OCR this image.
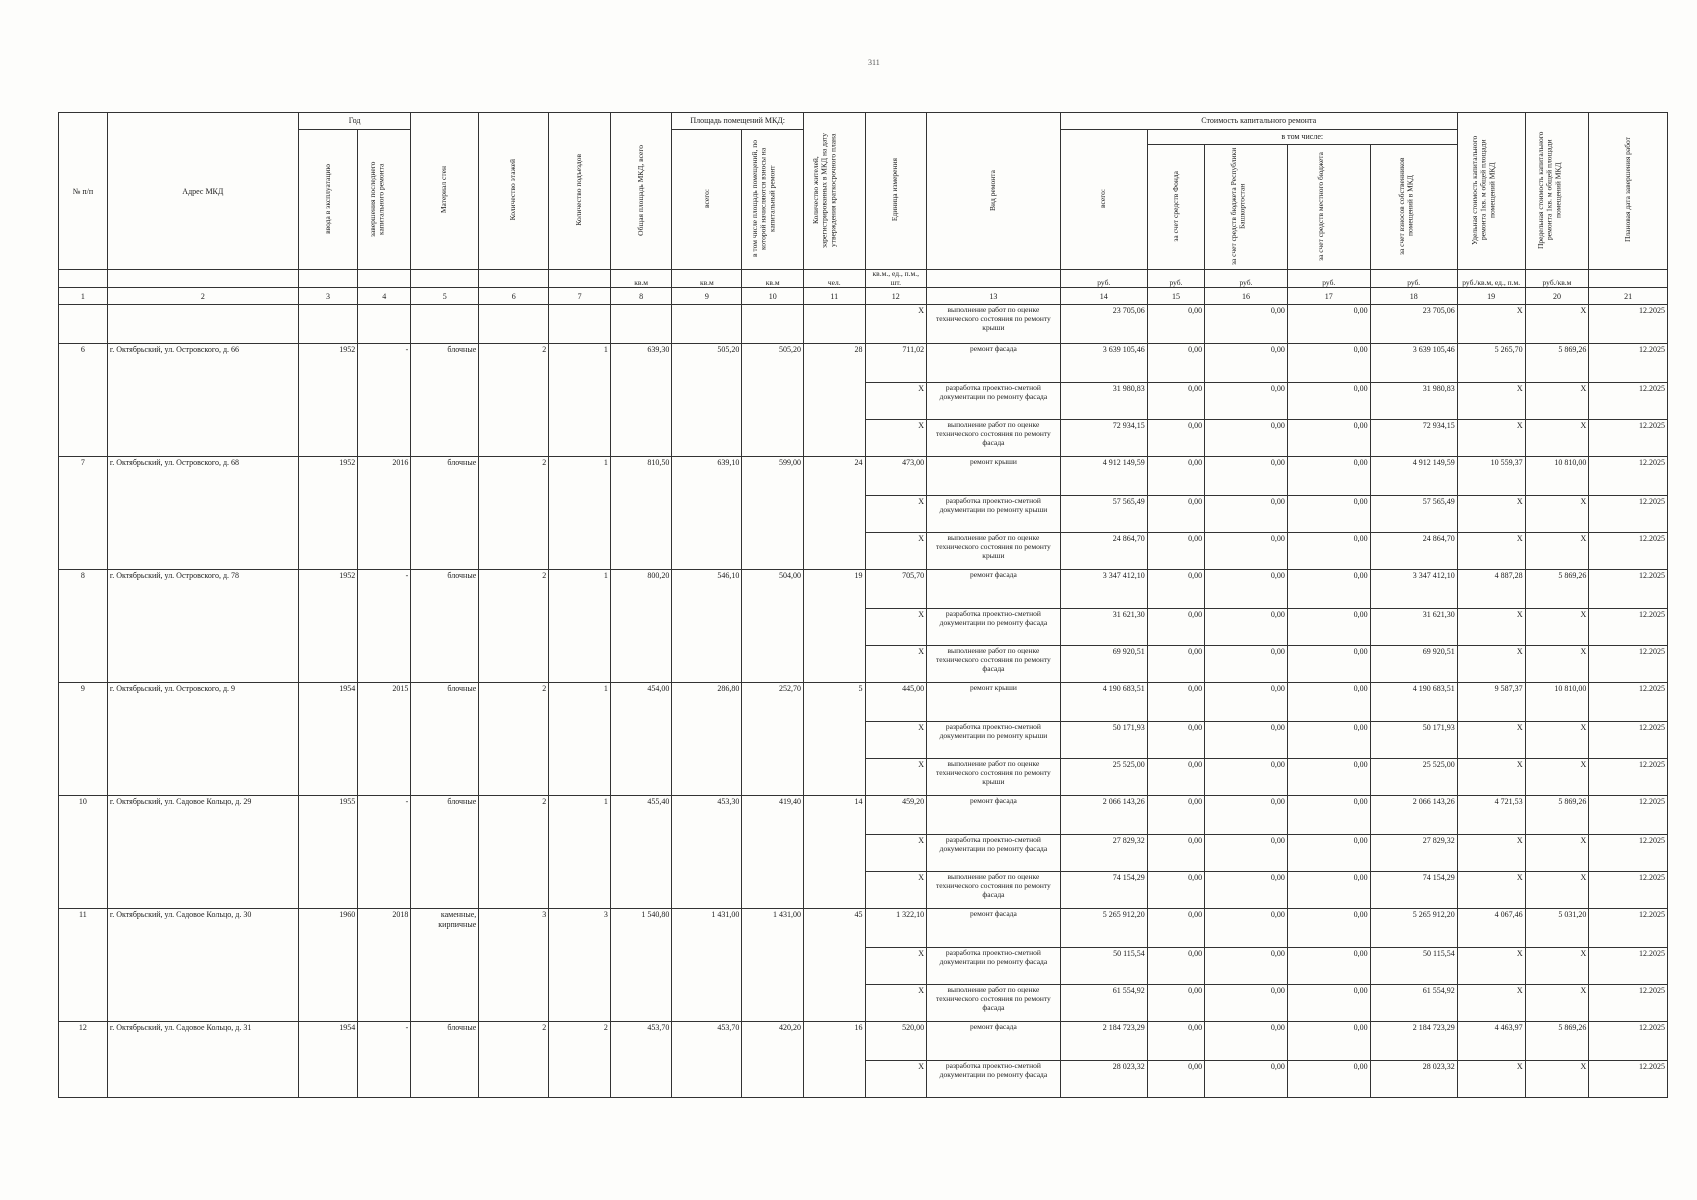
311
№ п/п	Адрес МКД	Год		Материал стен	Количество этажей	Количество подъездов	Общая площадь МКД, всего	Площадь помещений МКД:		Количество жителей, зарегистрированных в МКД на дату утверждения краткосрочного плана	Единица измерения	Вид ремонта	Стоимость капитального ремонта					Удельная стоимость капитального ремонта 1кв. м общей площади помещений МКД	Предельная стоимость капитального ремонта 1кв. м общей площади помещений МКД	Плановая дата завершения работ
		ввода в эксплуатацию	завершения последнего капитального ремонта					всего:	в том числе площадь помещений, по которой начисляются взносы на капитальный ремонт				всего:	в том числе:						
														за счет средств Фонда	за счет средств бюджета Республики Башкортостан	за счет средств местного бюджета	за счет взносов собственников помещений в МКД			
							кв.м	кв.м	кв.м	чел.	кв.м., ед., п.м., шт.		руб.	руб.	руб.	руб.	руб.	руб./кв.м, ед., п.м.	руб./кв.м	
1	2	3	4	5	6	7	8	9	10	11	12	13	14	15	16	17	18	19	20	21
											X	выполнение работ по оценке технического состояния по ремонту крыши	23 705,06	0,00	0,00	0,00	23 705,06	X	X	12.2025
6	г. Октябрьский, ул. Островского, д. 66	1952	-	блочные	2	1	639,30	505,20	505,20	28	711,02	ремонт фасада	3 639 105,46	0,00	0,00	0,00	3 639 105,46	5 265,70	5 869,26	12.2025
											X	разработка проектно-сметной документации по ремонту фасада	31 980,83	0,00	0,00	0,00	31 980,83	X	X	12.2025
											X	выполнение работ по оценке технического состояния по ремонту фасада	72 934,15	0,00	0,00	0,00	72 934,15	X	X	12.2025
7	г. Октябрьский, ул. Островского, д. 68	1952	2016	блочные	2	1	810,50	639,10	599,00	24	473,00	ремонт крыши	4 912 149,59	0,00	0,00	0,00	4 912 149,59	10 559,37	10 810,00	12.2025
											X	разработка проектно-сметной документации по ремонту крыши	57 565,49	0,00	0,00	0,00	57 565,49	X	X	12.2025
											X	выполнение работ по оценке технического состояния по ремонту крыши	24 864,70	0,00	0,00	0,00	24 864,70	X	X	12.2025
8	г. Октябрьский, ул. Островского, д. 78	1952	-	блочные	2	1	800,20	546,10	504,00	19	705,70	ремонт фасада	3 347 412,10	0,00	0,00	0,00	3 347 412,10	4 887,28	5 869,26	12.2025
											X	разработка проектно-сметной документации по ремонту фасада	31 621,30	0,00	0,00	0,00	31 621,30	X	X	12.2025
											X	выполнение работ по оценке технического состояния по ремонту фасада	69 920,51	0,00	0,00	0,00	69 920,51	X	X	12.2025
9	г. Октябрьский, ул. Островского, д. 9	1954	2015	блочные	2	1	454,00	286,80	252,70	5	445,00	ремонт крыши	4 190 683,51	0,00	0,00	0,00	4 190 683,51	9 587,37	10 810,00	12.2025
											X	разработка проектно-сметной документации по ремонту крыши	50 171,93	0,00	0,00	0,00	50 171,93	X	X	12.2025
											X	выполнение работ по оценке технического состояния по ремонту крыши	25 525,00	0,00	0,00	0,00	25 525,00	X	X	12.2025
10	г. Октябрьский, ул. Садовое Кольцо, д. 29	1955	-	блочные	2	1	455,40	453,30	419,40	14	459,20	ремонт фасада	2 066 143,26	0,00	0,00	0,00	2 066 143,26	4 721,53	5 869,26	12.2025
											X	разработка проектно-сметной документации по ремонту фасада	27 829,32	0,00	0,00	0,00	27 829,32	X	X	12.2025
											X	выполнение работ по оценке технического состояния по ремонту фасада	74 154,29	0,00	0,00	0,00	74 154,29	X	X	12.2025
11	г. Октябрьский, ул. Садовое Кольцо, д. 30	1960	2018	каменные, кирпичные	3	3	1 540,80	1 431,00	1 431,00	45	1 322,10	ремонт фасада	5 265 912,20	0,00	0,00	0,00	5 265 912,20	4 067,46	5 031,20	12.2025
											X	разработка проектно-сметной документации по ремонту фасада	50 115,54	0,00	0,00	0,00	50 115,54	X	X	12.2025
											X	выполнение работ по оценке технического состояния по ремонту фасада	61 554,92	0,00	0,00	0,00	61 554,92	X	X	12.2025
12	г. Октябрьский, ул. Садовое Кольцо, д. 31	1954	-	блочные	2	2	453,70	453,70	420,20	16	520,00	ремонт фасада	2 184 723,29	0,00	0,00	0,00	2 184 723,29	4 463,97	5 869,26	12.2025
											X	разработка проектно-сметной документации по ремонту фасада	28 023,32	0,00	0,00	0,00	28 023,32	X	X	12.2025
